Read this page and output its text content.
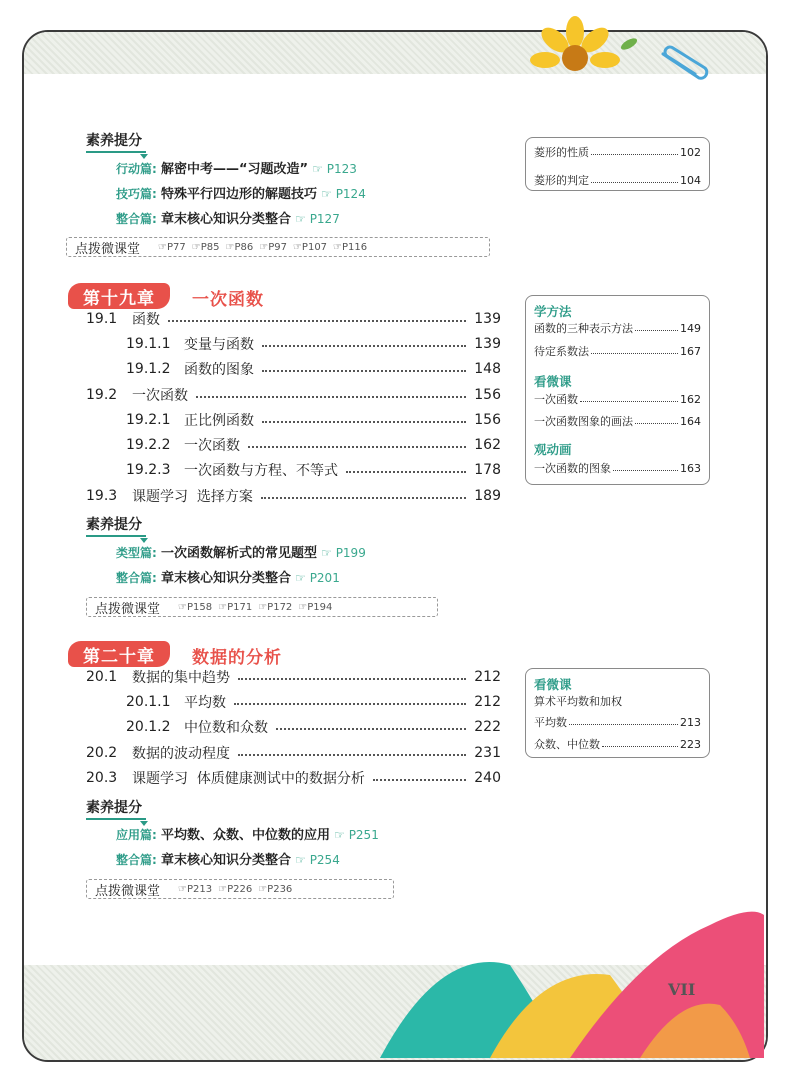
VII
素养提分
行动篇: 解密中考——“习题改造” ☞ P123
技巧篇: 特殊平行四边形的解题技巧 ☞ P124
整合篇: 章末核心知识分类整合 ☞ P127
点拨微课堂 ☞P77 ☞P85 ☞P86 ☞P97 ☞P107 ☞P116
菱形的性质	102
菱形的判定	104
第十九章	一次函数
19.1	函数	139
19.1.1 变量与函数	139
19.1.2 函数的图象	148
19.2	一次函数	156
19.2.1 正比例函数	156
19.2.2 一次函数	162
19.2.3 一次函数与方程、不等式	178
19.3	课题学习  选择方案	189
素养提分
类型篇: 一次函数解析式的常见题型 ☞ P199
整合篇: 章末核心知识分类整合 ☞ P201
点拨微课堂 ☞P158 ☞P171 ☞P172 ☞P194
学方法
函数的三种表示方法	149
待定系数法	167
看微课
一次函数	162
一次函数图象的画法	164
观动画
一次函数的图象	163
第二十章	数据的分析
20.1	数据的集中趋势	212
20.1.1 平均数	212
20.1.2 中位数和众数	222
20.2	数据的波动程度	231
20.3	课题学习  体质健康测试中的数据分析	240
素养提分
应用篇: 平均数、众数、中位数的应用 ☞ P251
整合篇: 章末核心知识分类整合 ☞ P254
点拨微课堂 ☞P213 ☞P226 ☞P236
看微课
算术平均数和加权
平均数	213
众数、中位数	223
